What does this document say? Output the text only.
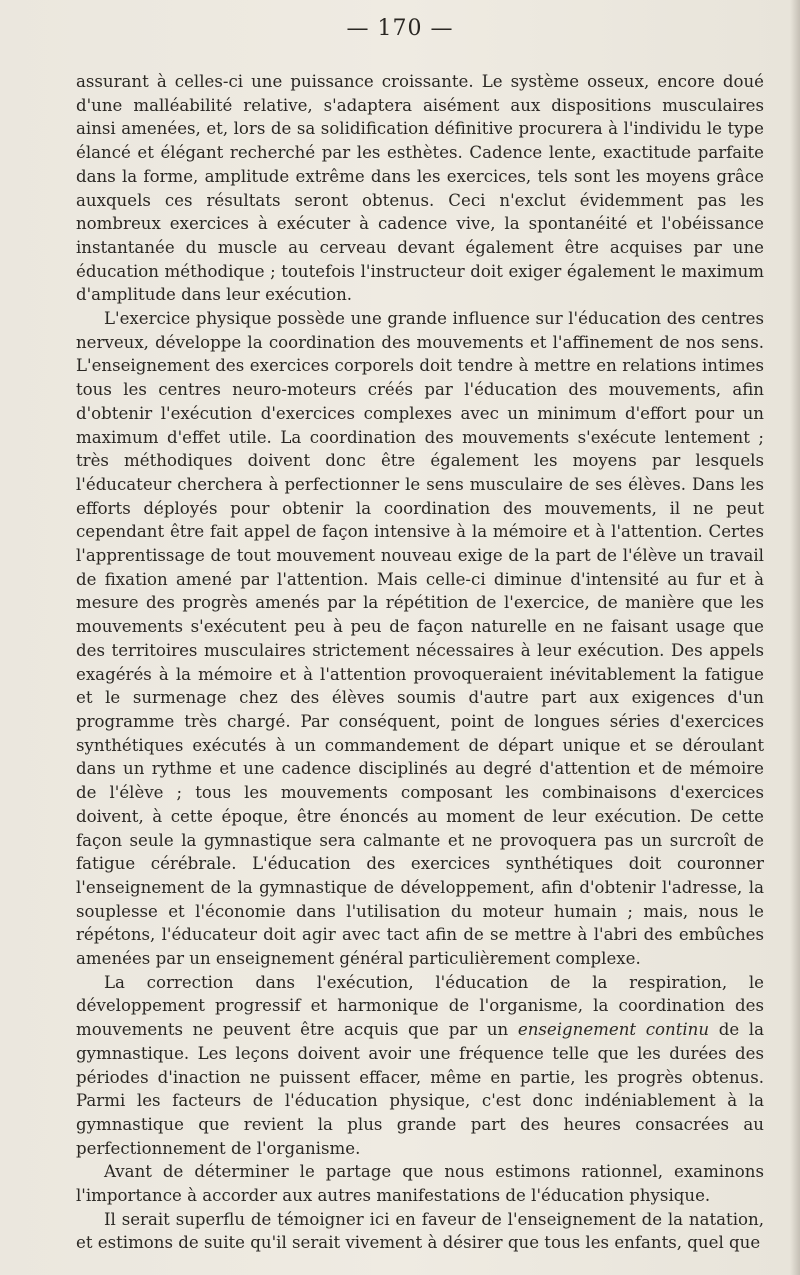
— 170 —

assurant à celles-ci une puissance croissante. Le système osseux, encore doué d'une malléabilité relative, s'adaptera aisément aux dispositions musculaires ainsi amenées, et, lors de sa solidification définitive procurera à l'individu le type élancé et élégant recherché par les esthètes. Cadence lente, exactitude parfaite dans la forme, amplitude extrême dans les exercices, tels sont les moyens grâce auxquels ces résultats seront obtenus. Ceci n'exclut évidemment pas les nombreux exercices à exécuter à cadence vive, la spontanéité et l'obéissance instantanée du muscle au cerveau devant également être acquises par une éducation méthodique ; toutefois l'instructeur doit exiger également le maximum d'amplitude dans leur exécution.

L'exercice physique possède une grande influence sur l'éducation des centres nerveux, développe la coordination des mouvements et l'affinement de nos sens. L'enseignement des exercices corporels doit tendre à mettre en relations intimes tous les centres neuro-moteurs créés par l'éducation des mouvements, afin d'obtenir l'exécution d'exercices complexes avec un minimum d'effort pour un maximum d'effet utile. La coordination des mouvements s'exécute lentement ; très méthodiques doivent donc être également les moyens par lesquels l'éducateur cherchera à perfectionner le sens musculaire de ses élèves. Dans les efforts déployés pour obtenir la coordination des mouvements, il ne peut cependant être fait appel de façon intensive à la mémoire et à l'attention. Certes l'apprentissage de tout mouvement nouveau exige de la part de l'élève un travail de fixation amené par l'attention. Mais celle-ci diminue d'intensité au fur et à mesure des progrès amenés par la répétition de l'exercice, de manière que les mouvements s'exécutent peu à peu de façon naturelle en ne faisant usage que des territoires musculaires strictement nécessaires à leur exécution. Des appels exagérés à la mémoire et à l'attention provoqueraient inévitablement la fatigue et le surmenage chez des élèves soumis d'autre part aux exigences d'un programme très chargé. Par conséquent, point de longues séries d'exercices synthétiques exécutés à un commandement de départ unique et se déroulant dans un rythme et une cadence disciplinés au degré d'attention et de mémoire de l'élève ; tous les mouvements composant les combinaisons d'exercices doivent, à cette époque, être énoncés au moment de leur exécution. De cette façon seule la gymnastique sera calmante et ne provoquera pas un surcroît de fatigue cérébrale. L'éducation des exercices synthétiques doit couronner l'enseignement de la gymnastique de développement, afin d'obtenir l'adresse, la souplesse et l'économie dans l'utilisation du moteur humain ; mais, nous le répétons, l'éducateur doit agir avec tact afin de se mettre à l'abri des embûches amenées par un enseignement général particulièrement complexe.

La correction dans l'exécution, l'éducation de la respiration, le développement progressif et harmonique de l'organisme, la coordination des mouvements ne peuvent être acquis que par un enseignement continu de la gymnastique. Les leçons doivent avoir une fréquence telle que les durées des périodes d'inaction ne puissent effacer, même en partie, les progrès obtenus. Parmi les facteurs de l'éducation physique, c'est donc indéniablement à la gymnastique que revient la plus grande part des heures consacrées au perfectionnement de l'organisme.

Avant de déterminer le partage que nous estimons rationnel, examinons l'importance à accorder aux autres manifestations de l'éducation physique.

Il serait superflu de témoigner ici en faveur de l'enseignement de la natation, et estimons de suite qu'il serait vivement à désirer que tous les enfants, quel que
